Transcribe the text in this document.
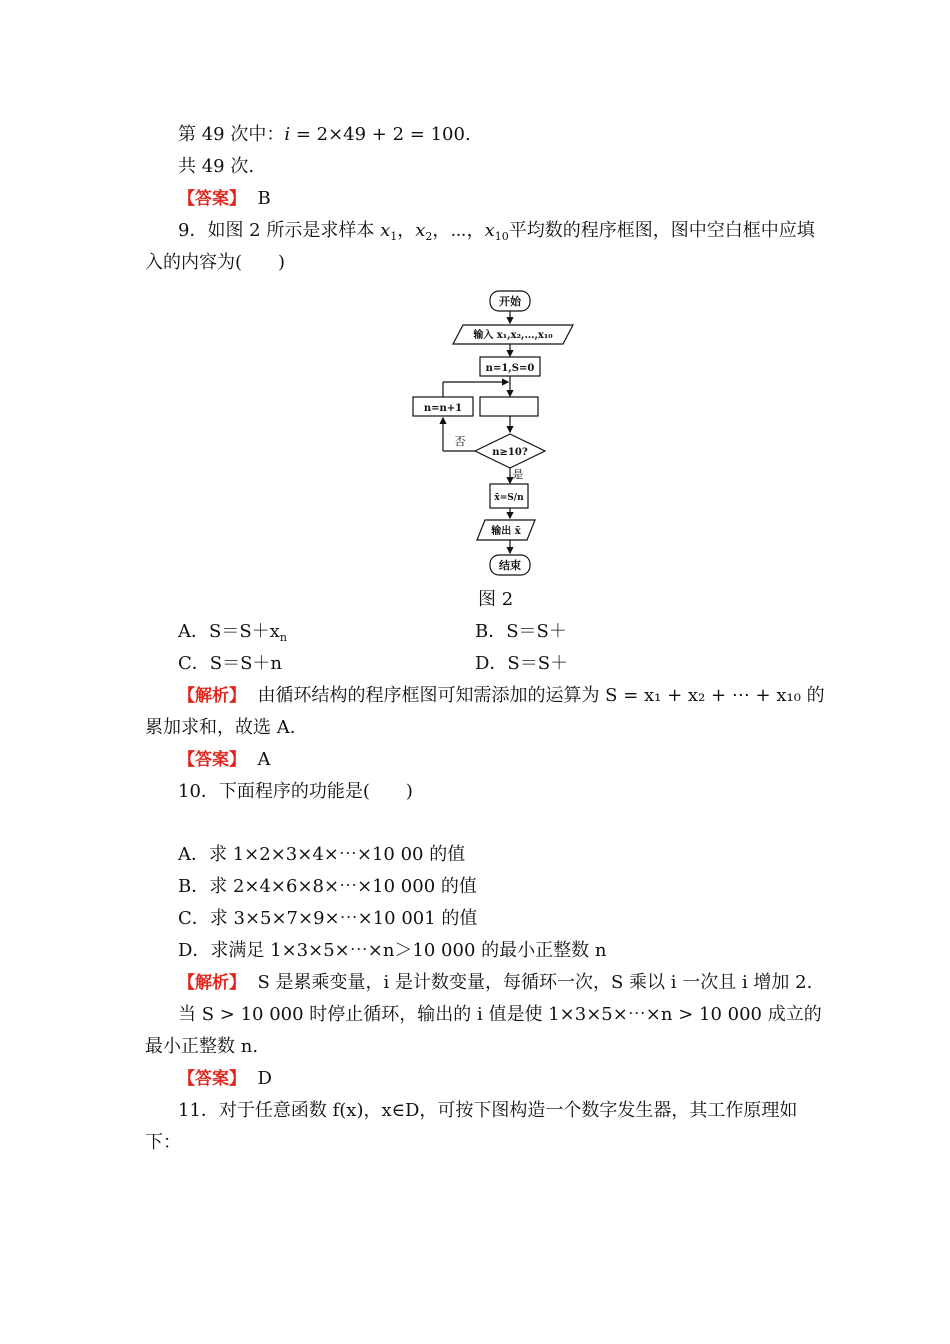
第 49 次中：i = 2×49 + 2 = 100.
共 49 次.
【答案】 B
9．如图 2 所示是求样本 $x_1$，$x_2$，⋯，$x_{10}$平均数的程序框图，图中空白框中应填
入的内容为(　　)
开始
输入 x₁,x₂,…,x₁₀
n=1,S=0
n=n+1
n≥10?
否
是
x̄=S/n
输出 x̄
结束
图 2
A．$S=S+x_n$	B．S＝S＋
C．S＝S＋n	D．S＝S＋
【解析】 由循环结构的程序框图可知需添加的运算为 S = x₁ + x₂ + ⋯ + x₁₀ 的
累加求和，故选 A.
【答案】 A
10．下面程序的功能是(　　)
A．求 1×2×3×4×⋯×10 00 的值
B．求 2×4×6×8×⋯×10 000 的值
C．求 3×5×7×9×⋯×10 001 的值
D．求满足 1×3×5×⋯×n＞10 000 的最小正整数 n
【解析】 S 是累乘变量，i 是计数变量，每循环一次，S 乘以 i 一次且 i 增加 2.
当 S > 10 000 时停止循环，输出的 i 值是使 1×3×5×⋯×n > 10 000 成立的
最小正整数 n.
【答案】 D
11．对于任意函数 f(x)，x∈D，可按下图构造一个数字发生器，其工作原理如
下：
